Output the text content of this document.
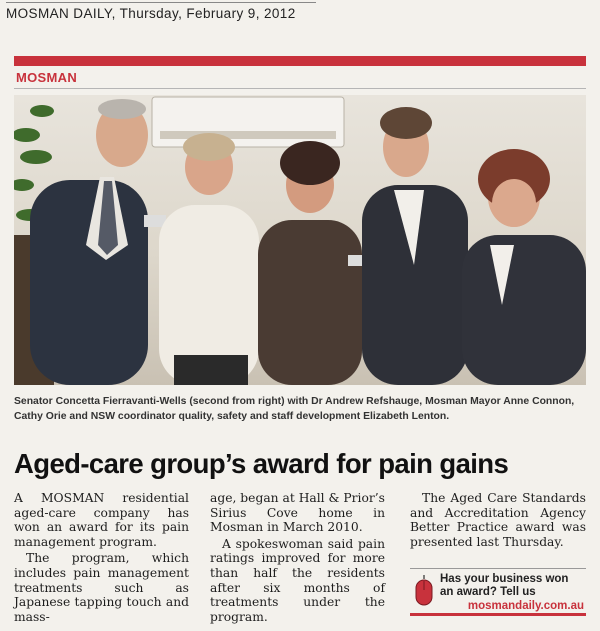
MOSMAN DAILY, Thursday, February 9, 2012
MOSMAN
Senator Concetta Fierravanti-Wells (second from right) with Dr Andrew Refshauge, Mosman Mayor Anne Connon, Cathy Orie and NSW coordinator quality, safety and staff development Elizabeth Lenton.
Aged-care group’s award for pain gains

A MOSMAN residential aged-care company has won an award for its pain management program.

The program, which includes pain management treatments such as Japanese tapping touch and mass-

age, began at Hall & Prior’s Sirius Cove home in Mosman in March 2010.

A spokeswoman said pain ratings improved for more than half the residents after six months of treatments under the program.

The Aged Care Standards and Accreditation Agency Better Practice award was presented last Thursday.

Has your business won an award? Tell us
mosmandaily.com.au
